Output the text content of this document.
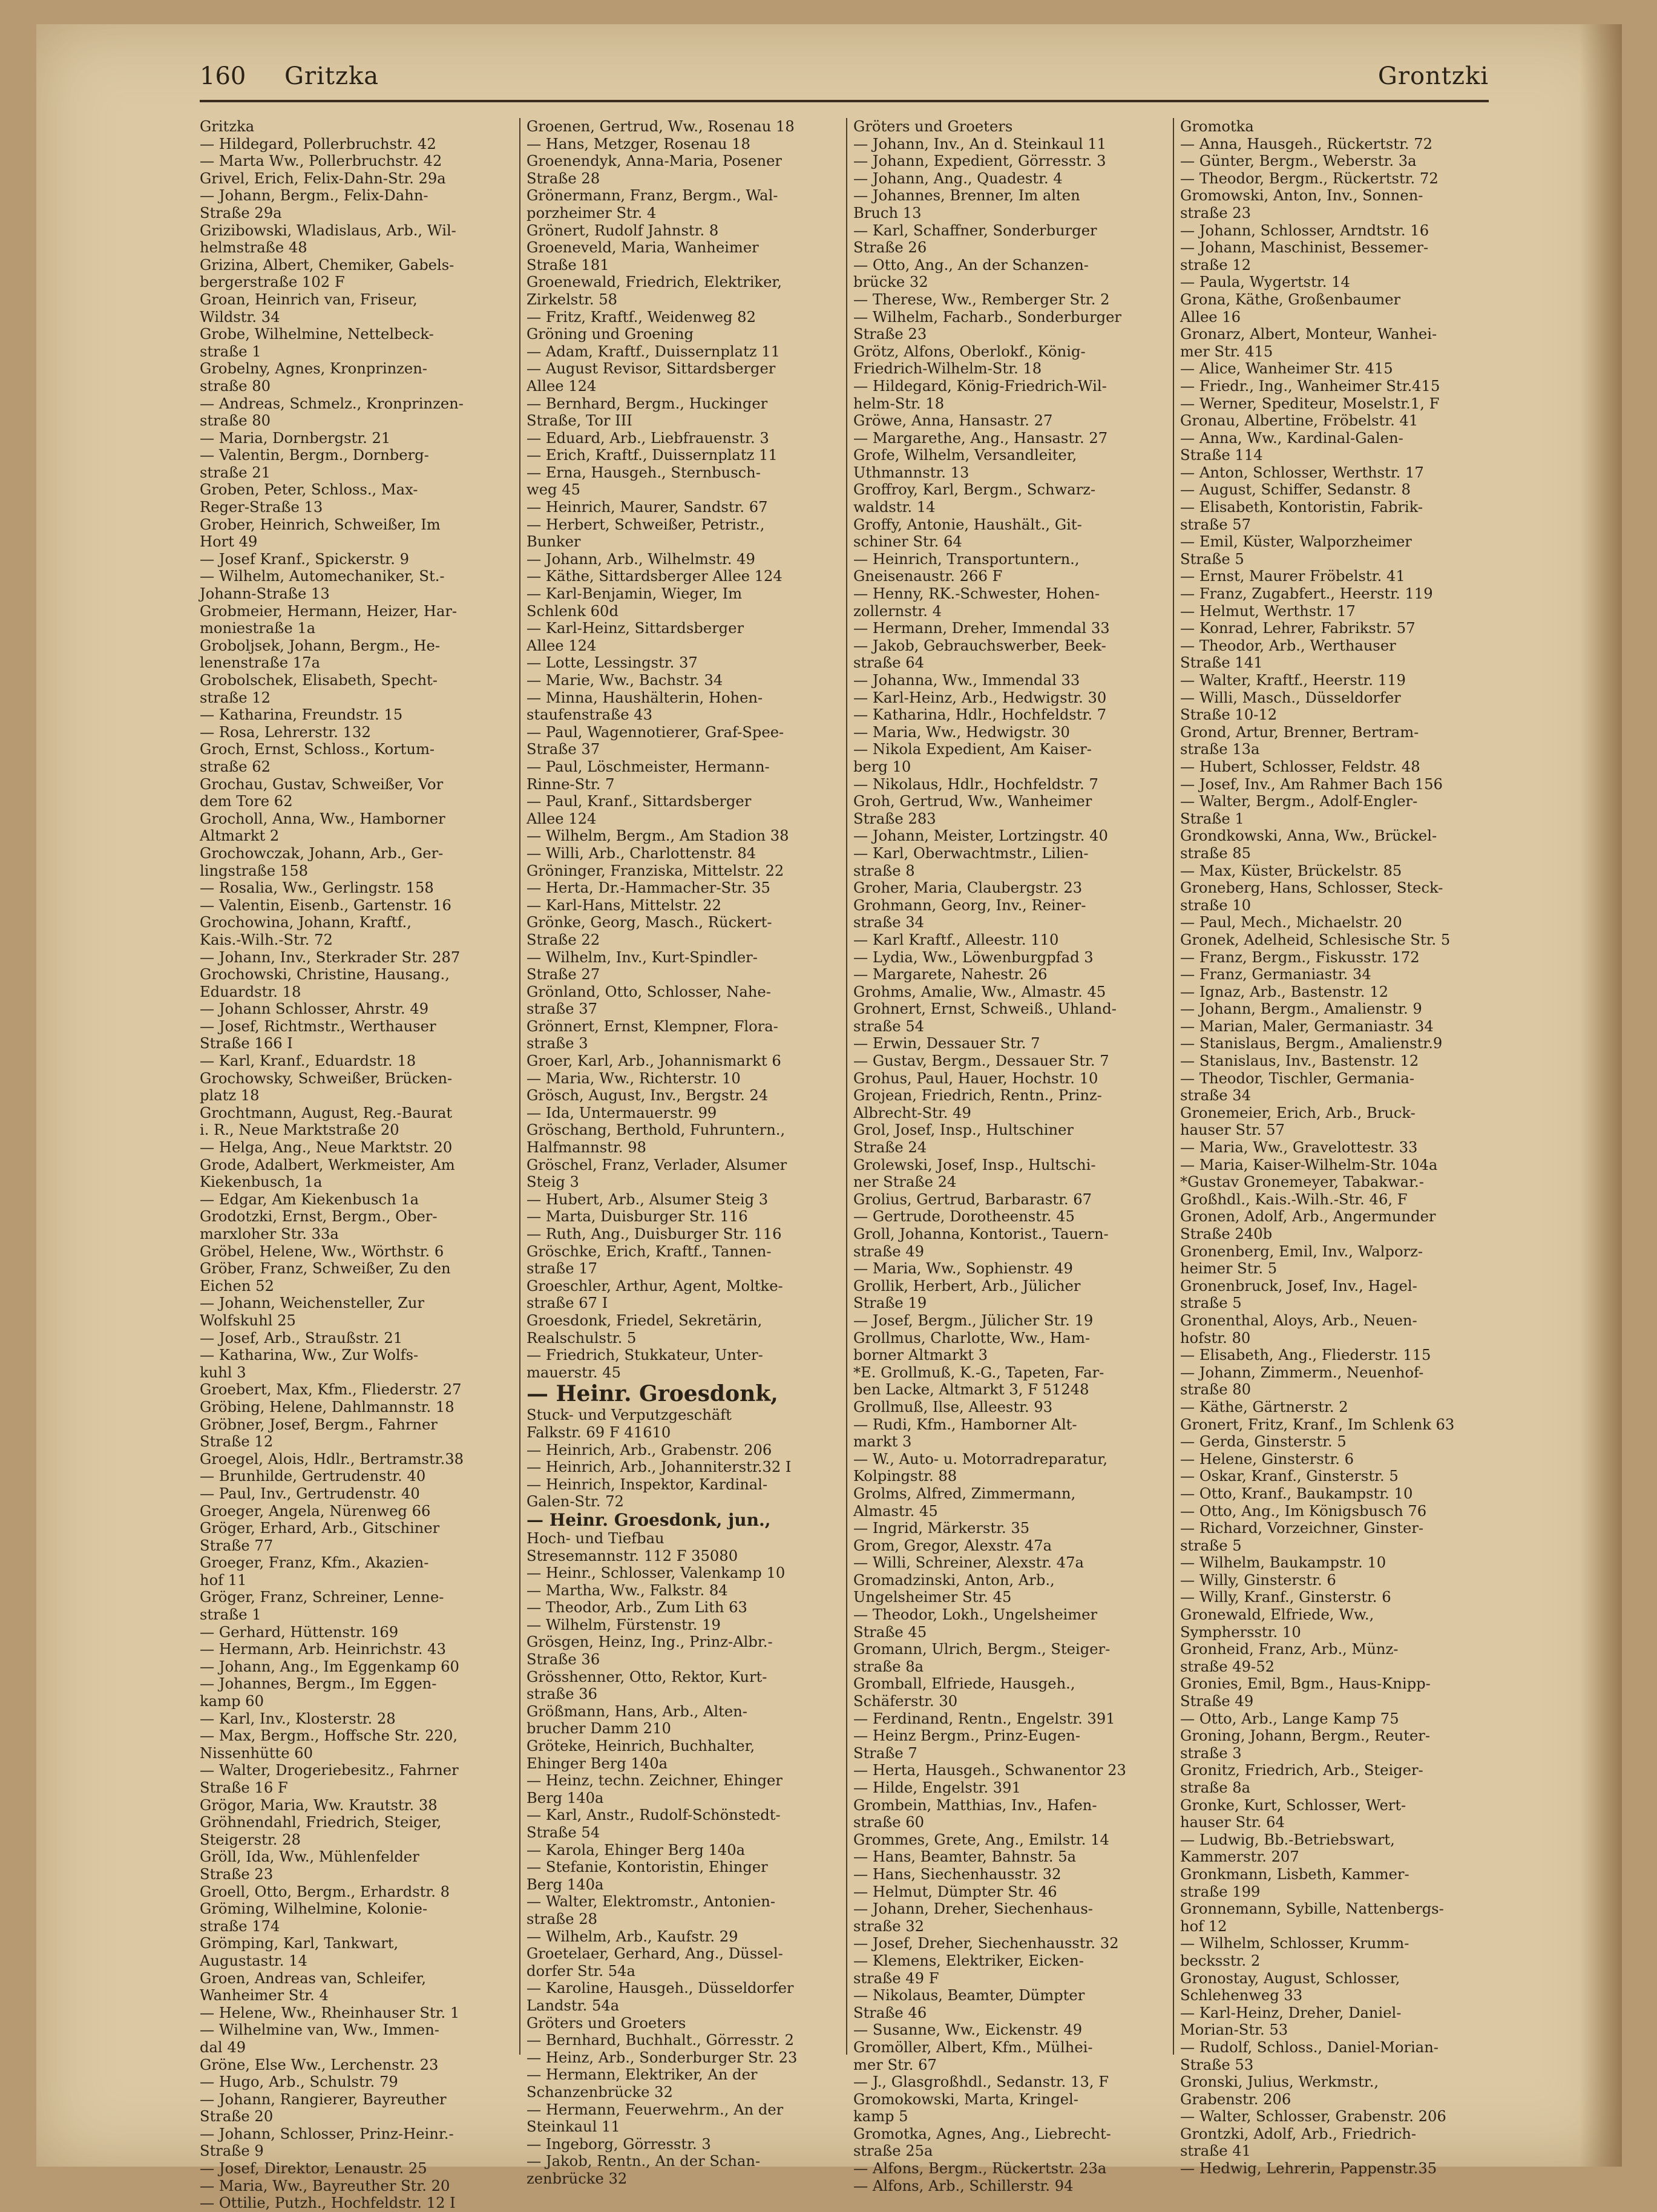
160 Gritzka	Grontzki
Gritzka
— Hildegard, Pollerbruchstr. 42
— Marta Ww., Pollerbruchstr. 42
Grivel, Erich, Felix-Dahn-Str. 29a
— Johann, Bergm., Felix-Dahn-
Straße 29a
Grizibowski, Wladislaus, Arb., Wil-
helmstraße 48
Grizina, Albert, Chemiker, Gabels-
bergerstraße 102 F
Groan, Heinrich van, Friseur,
Wildstr. 34
Grobe, Wilhelmine, Nettelbeck-
straße 1
Grobelny, Agnes, Kronprinzen-
straße 80
— Andreas, Schmelz., Kronprinzen-
straße 80
— Maria, Dornbergstr. 21
— Valentin, Bergm., Dornberg-
straße 21
Groben, Peter, Schloss., Max-
Reger-Straße 13
Grober, Heinrich, Schweißer, Im
Hort 49
— Josef Kranf., Spickerstr. 9
— Wilhelm, Automechaniker, St.-
Johann-Straße 13
Grobmeier, Hermann, Heizer, Har-
moniestraße 1a
Groboljsek, Johann, Bergm., He-
lenenstraße 17a
Grobolschek, Elisabeth, Specht-
straße 12
— Katharina, Freundstr. 15
— Rosa, Lehrerstr. 132
Groch, Ernst, Schloss., Kortum-
straße 62
Grochau, Gustav, Schweißer, Vor
dem Tore 62
Grocholl, Anna, Ww., Hamborner
Altmarkt 2
Grochowczak, Johann, Arb., Ger-
lingstraße 158
— Rosalia, Ww., Gerlingstr. 158
— Valentin, Eisenb., Gartenstr. 16
Grochowina, Johann, Kraftf.,
Kais.-Wilh.-Str. 72
— Johann, Inv., Sterkrader Str. 287
Grochowski, Christine, Hausang.,
Eduardstr. 18
— Johann Schlosser, Ahrstr. 49
— Josef, Richtmstr., Werthauser
Straße 166 I
— Karl, Kranf., Eduardstr. 18
Grochowsky, Schweißer, Brücken-
platz 18
Grochtmann, August, Reg.-Baurat
i. R., Neue Marktstraße 20
— Helga, Ang., Neue Marktstr. 20
Grode, Adalbert, Werkmeister, Am
Kiekenbusch, 1a
— Edgar, Am Kiekenbusch 1a
Grodotzki, Ernst, Bergm., Ober-
marxloher Str. 33a
Gröbel, Helene, Ww., Wörthstr. 6
Gröber, Franz, Schweißer, Zu den
Eichen 52
— Johann, Weichensteller, Zur
Wolfskuhl 25
— Josef, Arb., Straußstr. 21
— Katharina, Ww., Zur Wolfs-
kuhl 3
Groebert, Max, Kfm., Fliederstr. 27
Gröbing, Helene, Dahlmannstr. 18
Gröbner, Josef, Bergm., Fahrner
Straße 12
Groegel, Alois, Hdlr., Bertramstr.38
— Brunhilde, Gertrudenstr. 40
— Paul, Inv., Gertrudenstr. 40
Groeger, Angela, Nürenweg 66
Gröger, Erhard, Arb., Gitschiner
Straße 77
Groeger, Franz, Kfm., Akazien-
hof 11
Gröger, Franz, Schreiner, Lenne-
straße 1
— Gerhard, Hüttenstr. 169
— Hermann, Arb. Heinrichstr. 43
— Johann, Ang., Im Eggenkamp 60
— Johannes, Bergm., Im Eggen-
kamp 60
— Karl, Inv., Klosterstr. 28
— Max, Bergm., Hoffsche Str. 220,
Nissenhütte 60
— Walter, Drogeriebesitz., Fahrner
Straße 16 F
Grögor, Maria, Ww. Krautstr. 38
Gröhnendahl, Friedrich, Steiger,
Steigerstr. 28
Gröll, Ida, Ww., Mühlenfelder
Straße 23
Groell, Otto, Bergm., Erhardstr. 8
Gröming, Wilhelmine, Kolonie-
straße 174
Grömping, Karl, Tankwart,
Augustastr. 14
Groen, Andreas van, Schleifer,
Wanheimer Str. 4
— Helene, Ww., Rheinhauser Str. 1
— Wilhelmine van, Ww., Immen-
dal 49
Gröne, Else Ww., Lerchenstr. 23
— Hugo, Arb., Schulstr. 79
— Johann, Rangierer, Bayreuther
Straße 20
— Johann, Schlosser, Prinz-Heinr.-
Straße 9
— Josef, Direktor, Lenaustr. 25
— Maria, Ww., Bayreuther Str. 20
— Ottilie, Putzh., Hochfeldstr. 12 I
Groenen, Gertrud, Ww., Rosenau 18
— Hans, Metzger, Rosenau 18
Groenendyk, Anna-Maria, Posener
Straße 28
Grönermann, Franz, Bergm., Wal-
porzheimer Str. 4
Grönert, Rudolf Jahnstr. 8
Groeneveld, Maria, Wanheimer
Straße 181
Groenewald, Friedrich, Elektriker,
Zirkelstr. 58
— Fritz, Kraftf., Weidenweg 82
Gröning und Groening
— Adam, Kraftf., Duissernplatz 11
— August Revisor, Sittardsberger
Allee 124
— Bernhard, Bergm., Huckinger
Straße, Tor III
— Eduard, Arb., Liebfrauenstr. 3
— Erich, Kraftf., Duissernplatz 11
— Erna, Hausgeh., Sternbusch-
weg 45
— Heinrich, Maurer, Sandstr. 67
— Herbert, Schweißer, Petristr.,
Bunker
— Johann, Arb., Wilhelmstr. 49
— Käthe, Sittardsberger Allee 124
— Karl-Benjamin, Wieger, Im
Schlenk 60d
— Karl-Heinz, Sittardsberger
Allee 124
— Lotte, Lessingstr. 37
— Marie, Ww., Bachstr. 34
— Minna, Haushälterin, Hohen-
staufenstraße 43
— Paul, Wagennotierer, Graf-Spee-
Straße 37
— Paul, Löschmeister, Hermann-
Rinne-Str. 7
— Paul, Kranf., Sittardsberger
Allee 124
— Wilhelm, Bergm., Am Stadion 38
— Willi, Arb., Charlottenstr. 84
Gröninger, Franziska, Mittelstr. 22
— Herta, Dr.-Hammacher-Str. 35
— Karl-Hans, Mittelstr. 22
Grönke, Georg, Masch., Rückert-
Straße 22
— Wilhelm, Inv., Kurt-Spindler-
Straße 27
Grönland, Otto, Schlosser, Nahe-
straße 37
Grönnert, Ernst, Klempner, Flora-
straße 3
Groer, Karl, Arb., Johannismarkt 6
— Maria, Ww., Richterstr. 10
Grösch, August, Inv., Bergstr. 24
— Ida, Untermauerstr. 99
Gröschang, Berthold, Fuhruntern.,
Halfmannstr. 98
Gröschel, Franz, Verlader, Alsumer
Steig 3
— Hubert, Arb., Alsumer Steig 3
— Marta, Duisburger Str. 116
— Ruth, Ang., Duisburger Str. 116
Gröschke, Erich, Kraftf., Tannen-
straße 17
Groeschler, Arthur, Agent, Moltke-
straße 67 I
Groesdonk, Friedel, Sekretärin,
Realschulstr. 5
— Friedrich, Stukkateur, Unter-
mauerstr. 45
— Heinr. Groesdonk,
Stuck- und Verputzgeschäft
Falkstr. 69 F 41610
— Heinrich, Arb., Grabenstr. 206
— Heinrich, Arb., Johanniterstr.32 I
— Heinrich, Inspektor, Kardinal-
Galen-Str. 72
— Heinr. Groesdonk, jun.,
Hoch- und Tiefbau
Stresemannstr. 112 F 35080
— Heinr., Schlosser, Valenkamp 10
— Martha, Ww., Falkstr. 84
— Theodor, Arb., Zum Lith 63
— Wilhelm, Fürstenstr. 19
Grösgen, Heinz, Ing., Prinz-Albr.-
Straße 36
Grösshenner, Otto, Rektor, Kurt-
straße 36
Größmann, Hans, Arb., Alten-
brucher Damm 210
Gröteke, Heinrich, Buchhalter,
Ehinger Berg 140a
— Heinz, techn. Zeichner, Ehinger
Berg 140a
— Karl, Anstr., Rudolf-Schönstedt-
Straße 54
— Karola, Ehinger Berg 140a
— Stefanie, Kontoristin, Ehinger
Berg 140a
— Walter, Elektromstr., Antonien-
straße 28
— Wilhelm, Arb., Kaufstr. 29
Groetelaer, Gerhard, Ang., Düssel-
dorfer Str. 54a
— Karoline, Hausgeh., Düsseldorfer
Landstr. 54a
Gröters und Groeters
— Bernhard, Buchhalt., Görresstr. 2
— Heinz, Arb., Sonderburger Str. 23
— Hermann, Elektriker, An der
Schanzenbrücke 32
— Hermann, Feuerwehrm., An der
Steinkaul 11
— Ingeborg, Görresstr. 3
— Jakob, Rentn., An der Schan-
zenbrücke 32
Gröters und Groeters
— Johann, Inv., An d. Steinkaul 11
— Johann, Expedient, Görresstr. 3
— Johann, Ang., Quadestr. 4
— Johannes, Brenner, Im alten
Bruch 13
— Karl, Schaffner, Sonderburger
Straße 26
— Otto, Ang., An der Schanzen-
brücke 32
— Therese, Ww., Remberger Str. 2
— Wilhelm, Facharb., Sonderburger
Straße 23
Grötz, Alfons, Oberlokf., König-
Friedrich-Wilhelm-Str. 18
— Hildegard, König-Friedrich-Wil-
helm-Str. 18
Gröwe, Anna, Hansastr. 27
— Margarethe, Ang., Hansastr. 27
Grofe, Wilhelm, Versandleiter,
Uthmannstr. 13
Groffroy, Karl, Bergm., Schwarz-
waldstr. 14
Groffy, Antonie, Haushält., Git-
schiner Str. 64
— Heinrich, Transportuntern.,
Gneisenaustr. 266 F
— Henny, RK.-Schwester, Hohen-
zollernstr. 4
— Hermann, Dreher, Immendal 33
— Jakob, Gebrauchswerber, Beek-
straße 64
— Johanna, Ww., Immendal 33
— Karl-Heinz, Arb., Hedwigstr. 30
— Katharina, Hdlr., Hochfeldstr. 7
— Maria, Ww., Hedwigstr. 30
— Nikola Expedient, Am Kaiser-
berg 10
— Nikolaus, Hdlr., Hochfeldstr. 7
Groh, Gertrud, Ww., Wanheimer
Straße 283
— Johann, Meister, Lortzingstr. 40
— Karl, Oberwachtmstr., Lilien-
straße 8
Groher, Maria, Claubergstr. 23
Grohmann, Georg, Inv., Reiner-
straße 34
— Karl Kraftf., Alleestr. 110
— Lydia, Ww., Löwenburgpfad 3
— Margarete, Nahestr. 26
Grohms, Amalie, Ww., Almastr. 45
Grohnert, Ernst, Schweiß., Uhland-
straße 54
— Erwin, Dessauer Str. 7
— Gustav, Bergm., Dessauer Str. 7
Grohus, Paul, Hauer, Hochstr. 10
Grojean, Friedrich, Rentn., Prinz-
Albrecht-Str. 49
Grol, Josef, Insp., Hultschiner
Straße 24
Grolewski, Josef, Insp., Hultschi-
ner Straße 24
Grolius, Gertrud, Barbarastr. 67
— Gertrude, Dorotheenstr. 45
Groll, Johanna, Kontorist., Tauern-
straße 49
— Maria, Ww., Sophienstr. 49
Grollik, Herbert, Arb., Jülicher
Straße 19
— Josef, Bergm., Jülicher Str. 19
Grollmus, Charlotte, Ww., Ham-
borner Altmarkt 3
*E. Grollmuß, K.-G., Tapeten, Far-
ben Lacke, Altmarkt 3, F 51248
Grollmuß, Ilse, Alleestr. 93
— Rudi, Kfm., Hamborner Alt-
markt 3
— W., Auto- u. Motorradreparatur,
Kolpingstr. 88
Grolms, Alfred, Zimmermann,
Almastr. 45
— Ingrid, Märkerstr. 35
Grom, Gregor, Alexstr. 47a
— Willi, Schreiner, Alexstr. 47a
Gromadzinski, Anton, Arb.,
Ungelsheimer Str. 45
— Theodor, Lokh., Ungelsheimer
Straße 45
Gromann, Ulrich, Bergm., Steiger-
straße 8a
Gromball, Elfriede, Hausgeh.,
Schäferstr. 30
— Ferdinand, Rentn., Engelstr. 391
— Heinz Bergm., Prinz-Eugen-
Straße 7
— Herta, Hausgeh., Schwanentor 23
— Hilde, Engelstr. 391
Grombein, Matthias, Inv., Hafen-
straße 60
Grommes, Grete, Ang., Emilstr. 14
— Hans, Beamter, Bahnstr. 5a
— Hans, Siechenhausstr. 32
— Helmut, Dümpter Str. 46
— Johann, Dreher, Siechenhaus-
straße 32
— Josef, Dreher, Siechenhausstr. 32
— Klemens, Elektriker, Eicken-
straße 49 F
— Nikolaus, Beamter, Dümpter
Straße 46
— Susanne, Ww., Eickenstr. 49
Gromöller, Albert, Kfm., Mülhei-
mer Str. 67
— J., Glasgroßhdl., Sedanstr. 13, F
Gromokowski, Marta, Kringel-
kamp 5
Gromotka, Agnes, Ang., Liebrecht-
straße 25a
— Alfons, Bergm., Rückertstr. 23a
— Alfons, Arb., Schillerstr. 94
Gromotka
— Anna, Hausgeh., Rückertstr. 72
— Günter, Bergm., Weberstr. 3a
— Theodor, Bergm., Rückertstr. 72
Gromowski, Anton, Inv., Sonnen-
straße 23
— Johann, Schlosser, Arndtstr. 16
— Johann, Maschinist, Bessemer-
straße 12
— Paula, Wygertstr. 14
Grona, Käthe, Großenbaumer
Allee 16
Gronarz, Albert, Monteur, Wanhei-
mer Str. 415
— Alice, Wanheimer Str. 415
— Friedr., Ing., Wanheimer Str.415
— Werner, Spediteur, Moselstr.1, F
Gronau, Albertine, Fröbelstr. 41
— Anna, Ww., Kardinal-Galen-
Straße 114
— Anton, Schlosser, Werthstr. 17
— August, Schiffer, Sedanstr. 8
— Elisabeth, Kontoristin, Fabrik-
straße 57
— Emil, Küster, Walporzheimer
Straße 5
— Ernst, Maurer Fröbelstr. 41
— Franz, Zugabfert., Heerstr. 119
— Helmut, Werthstr. 17
— Konrad, Lehrer, Fabrikstr. 57
— Theodor, Arb., Werthauser
Straße 141
— Walter, Kraftf., Heerstr. 119
— Willi, Masch., Düsseldorfer
Straße 10-12
Grond, Artur, Brenner, Bertram-
straße 13a
— Hubert, Schlosser, Feldstr. 48
— Josef, Inv., Am Rahmer Bach 156
— Walter, Bergm., Adolf-Engler-
Straße 1
Grondkowski, Anna, Ww., Brückel-
straße 85
— Max, Küster, Brückelstr. 85
Groneberg, Hans, Schlosser, Steck-
straße 10
— Paul, Mech., Michaelstr. 20
Gronek, Adelheid, Schlesische Str. 5
— Franz, Bergm., Fiskusstr. 172
— Franz, Germaniastr. 34
— Ignaz, Arb., Bastenstr. 12
— Johann, Bergm., Amalienstr. 9
— Marian, Maler, Germaniastr. 34
— Stanislaus, Bergm., Amalienstr.9
— Stanislaus, Inv., Bastenstr. 12
— Theodor, Tischler, Germania-
straße 34
Gronemeier, Erich, Arb., Bruck-
hauser Str. 57
— Maria, Ww., Gravelottestr. 33
— Maria, Kaiser-Wilhelm-Str. 104a
*Gustav Gronemeyer, Tabakwar.-
Großhdl., Kais.-Wilh.-Str. 46, F
Gronen, Adolf, Arb., Angermunder
Straße 240b
Gronenberg, Emil, Inv., Walporz-
heimer Str. 5
Gronenbruck, Josef, Inv., Hagel-
straße 5
Gronenthal, Aloys, Arb., Neuen-
hofstr. 80
— Elisabeth, Ang., Fliederstr. 115
— Johann, Zimmerm., Neuenhof-
straße 80
— Käthe, Gärtnerstr. 2
Gronert, Fritz, Kranf., Im Schlenk 63
— Gerda, Ginsterstr. 5
— Helene, Ginsterstr. 6
— Oskar, Kranf., Ginsterstr. 5
— Otto, Kranf., Baukampstr. 10
— Otto, Ang., Im Königsbusch 76
— Richard, Vorzeichner, Ginster-
straße 5
— Wilhelm, Baukampstr. 10
— Willy, Ginsterstr. 6
— Willy, Kranf., Ginsterstr. 6
Gronewald, Elfriede, Ww.,
Symphersstr. 10
Gronheid, Franz, Arb., Münz-
straße 49-52
Gronies, Emil, Bgm., Haus-Knipp-
Straße 49
— Otto, Arb., Lange Kamp 75
Groning, Johann, Bergm., Reuter-
straße 3
Gronitz, Friedrich, Arb., Steiger-
straße 8a
Gronke, Kurt, Schlosser, Wert-
hauser Str. 64
— Ludwig, Bb.-Betriebswart,
Kammerstr. 207
Gronkmann, Lisbeth, Kammer-
straße 199
Gronnemann, Sybille, Nattenbergs-
hof 12
— Wilhelm, Schlosser, Krumm-
becksstr. 2
Gronostay, August, Schlosser,
Schlehenweg 33
— Karl-Heinz, Dreher, Daniel-
Morian-Str. 53
— Rudolf, Schloss., Daniel-Morian-
Straße 53
Gronski, Julius, Werkmstr.,
Grabenstr. 206
— Walter, Schlosser, Grabenstr. 206
Grontzki, Adolf, Arb., Friedrich-
straße 41
— Hedwig, Lehrerin, Pappenstr.35
